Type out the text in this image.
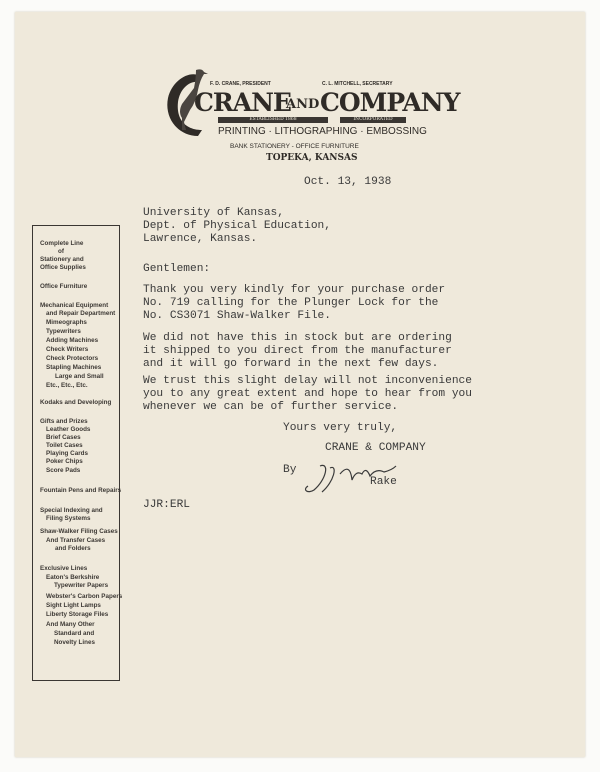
F. D. CRANE, PRESIDENT	C. L. MITCHELL, SECRETARY
CRANE
AND COMPANY
ESTABLISHED 1868	INCORPORATED
PRINTING · LITHOGRAPHING · EMBOSSING
BANK STATIONERY - OFFICE FURNITURE
TOPEKA, KANSAS
Oct. 13, 1938
University of Kansas,
Dept. of Physical Education,
Lawrence, Kansas.
Gentlemen:
Thank you very kindly for your purchase order
No. 719 calling for the Plunger Lock for the
No. CS3071 Shaw-Walker File.
We did not have this in stock but are ordering
it shipped to you direct from the manufacturer
and it will go forward in the next few days.
We trust this slight delay will not inconvenience
you to any great extent and hope to hear from you
whenever we can be of further service.
Yours very truly,
CRANE & COMPANY
By
Rake
JJR:ERL
Complete Line
of
Stationery and
Office Supplies
Office Furniture
Mechanical Equipment
and Repair Department
Mimeographs
Typewriters
Adding Machines
Check Writers
Check Protectors
Stapling Machines
Large and Small
Etc., Etc., Etc.
Kodaks and Developing
Gifts and Prizes
Leather Goods
Brief Cases
Toilet Cases
Playing Cards
Poker Chips
Score Pads
Fountain Pens and Repairs
Special Indexing and
Filing Systems
Shaw-Walker Filing Cases
And Transfer Cases
and Folders
Exclusive Lines
Eaton's Berkshire
Typewriter Papers
Webster's Carbon Papers
Sight Light Lamps
Liberty Storage Files
And Many Other
Standard and
Novelty Lines
